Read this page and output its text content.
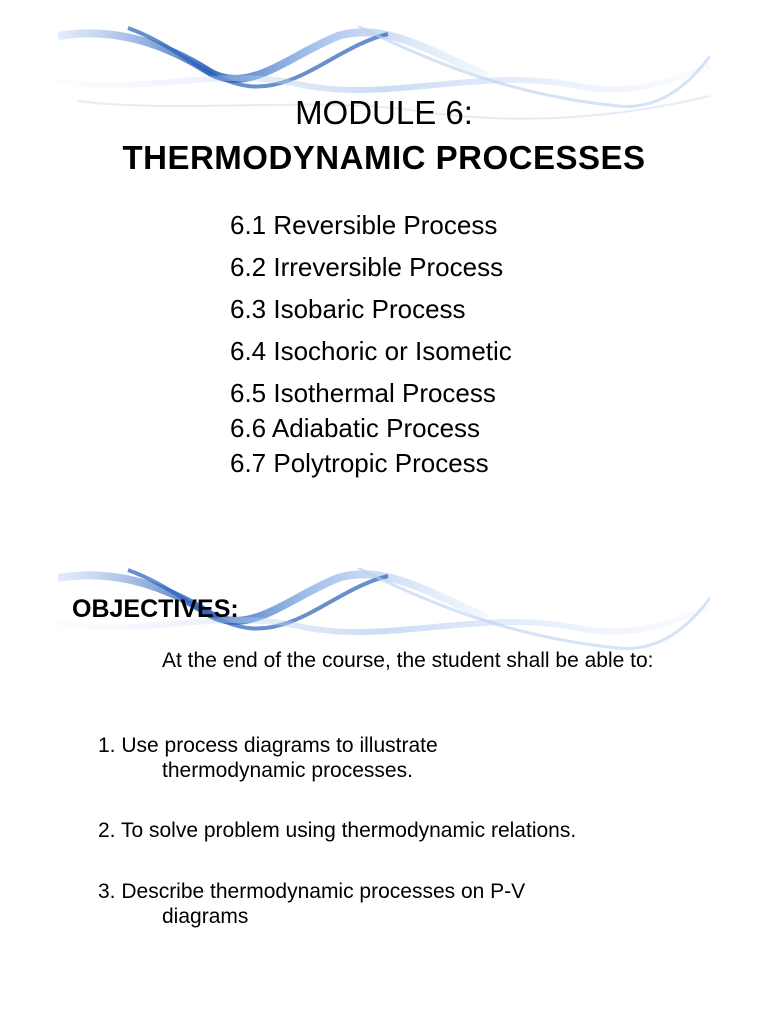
MODULE 6:
THERMODYNAMIC PROCESSES
6.1 Reversible Process
6.2 Irreversible Process
6.3 Isobaric Process
6.4 Isochoric or Isometic
6.5 Isothermal Process
6.6 Adiabatic Process
6.7 Polytropic Process
OBJECTIVES:
At the end of the course, the student shall be able to:
1. Use process diagrams to illustrate
thermodynamic processes.
2. To solve problem using thermodynamic relations.
3. Describe thermodynamic processes on P-V
diagrams
